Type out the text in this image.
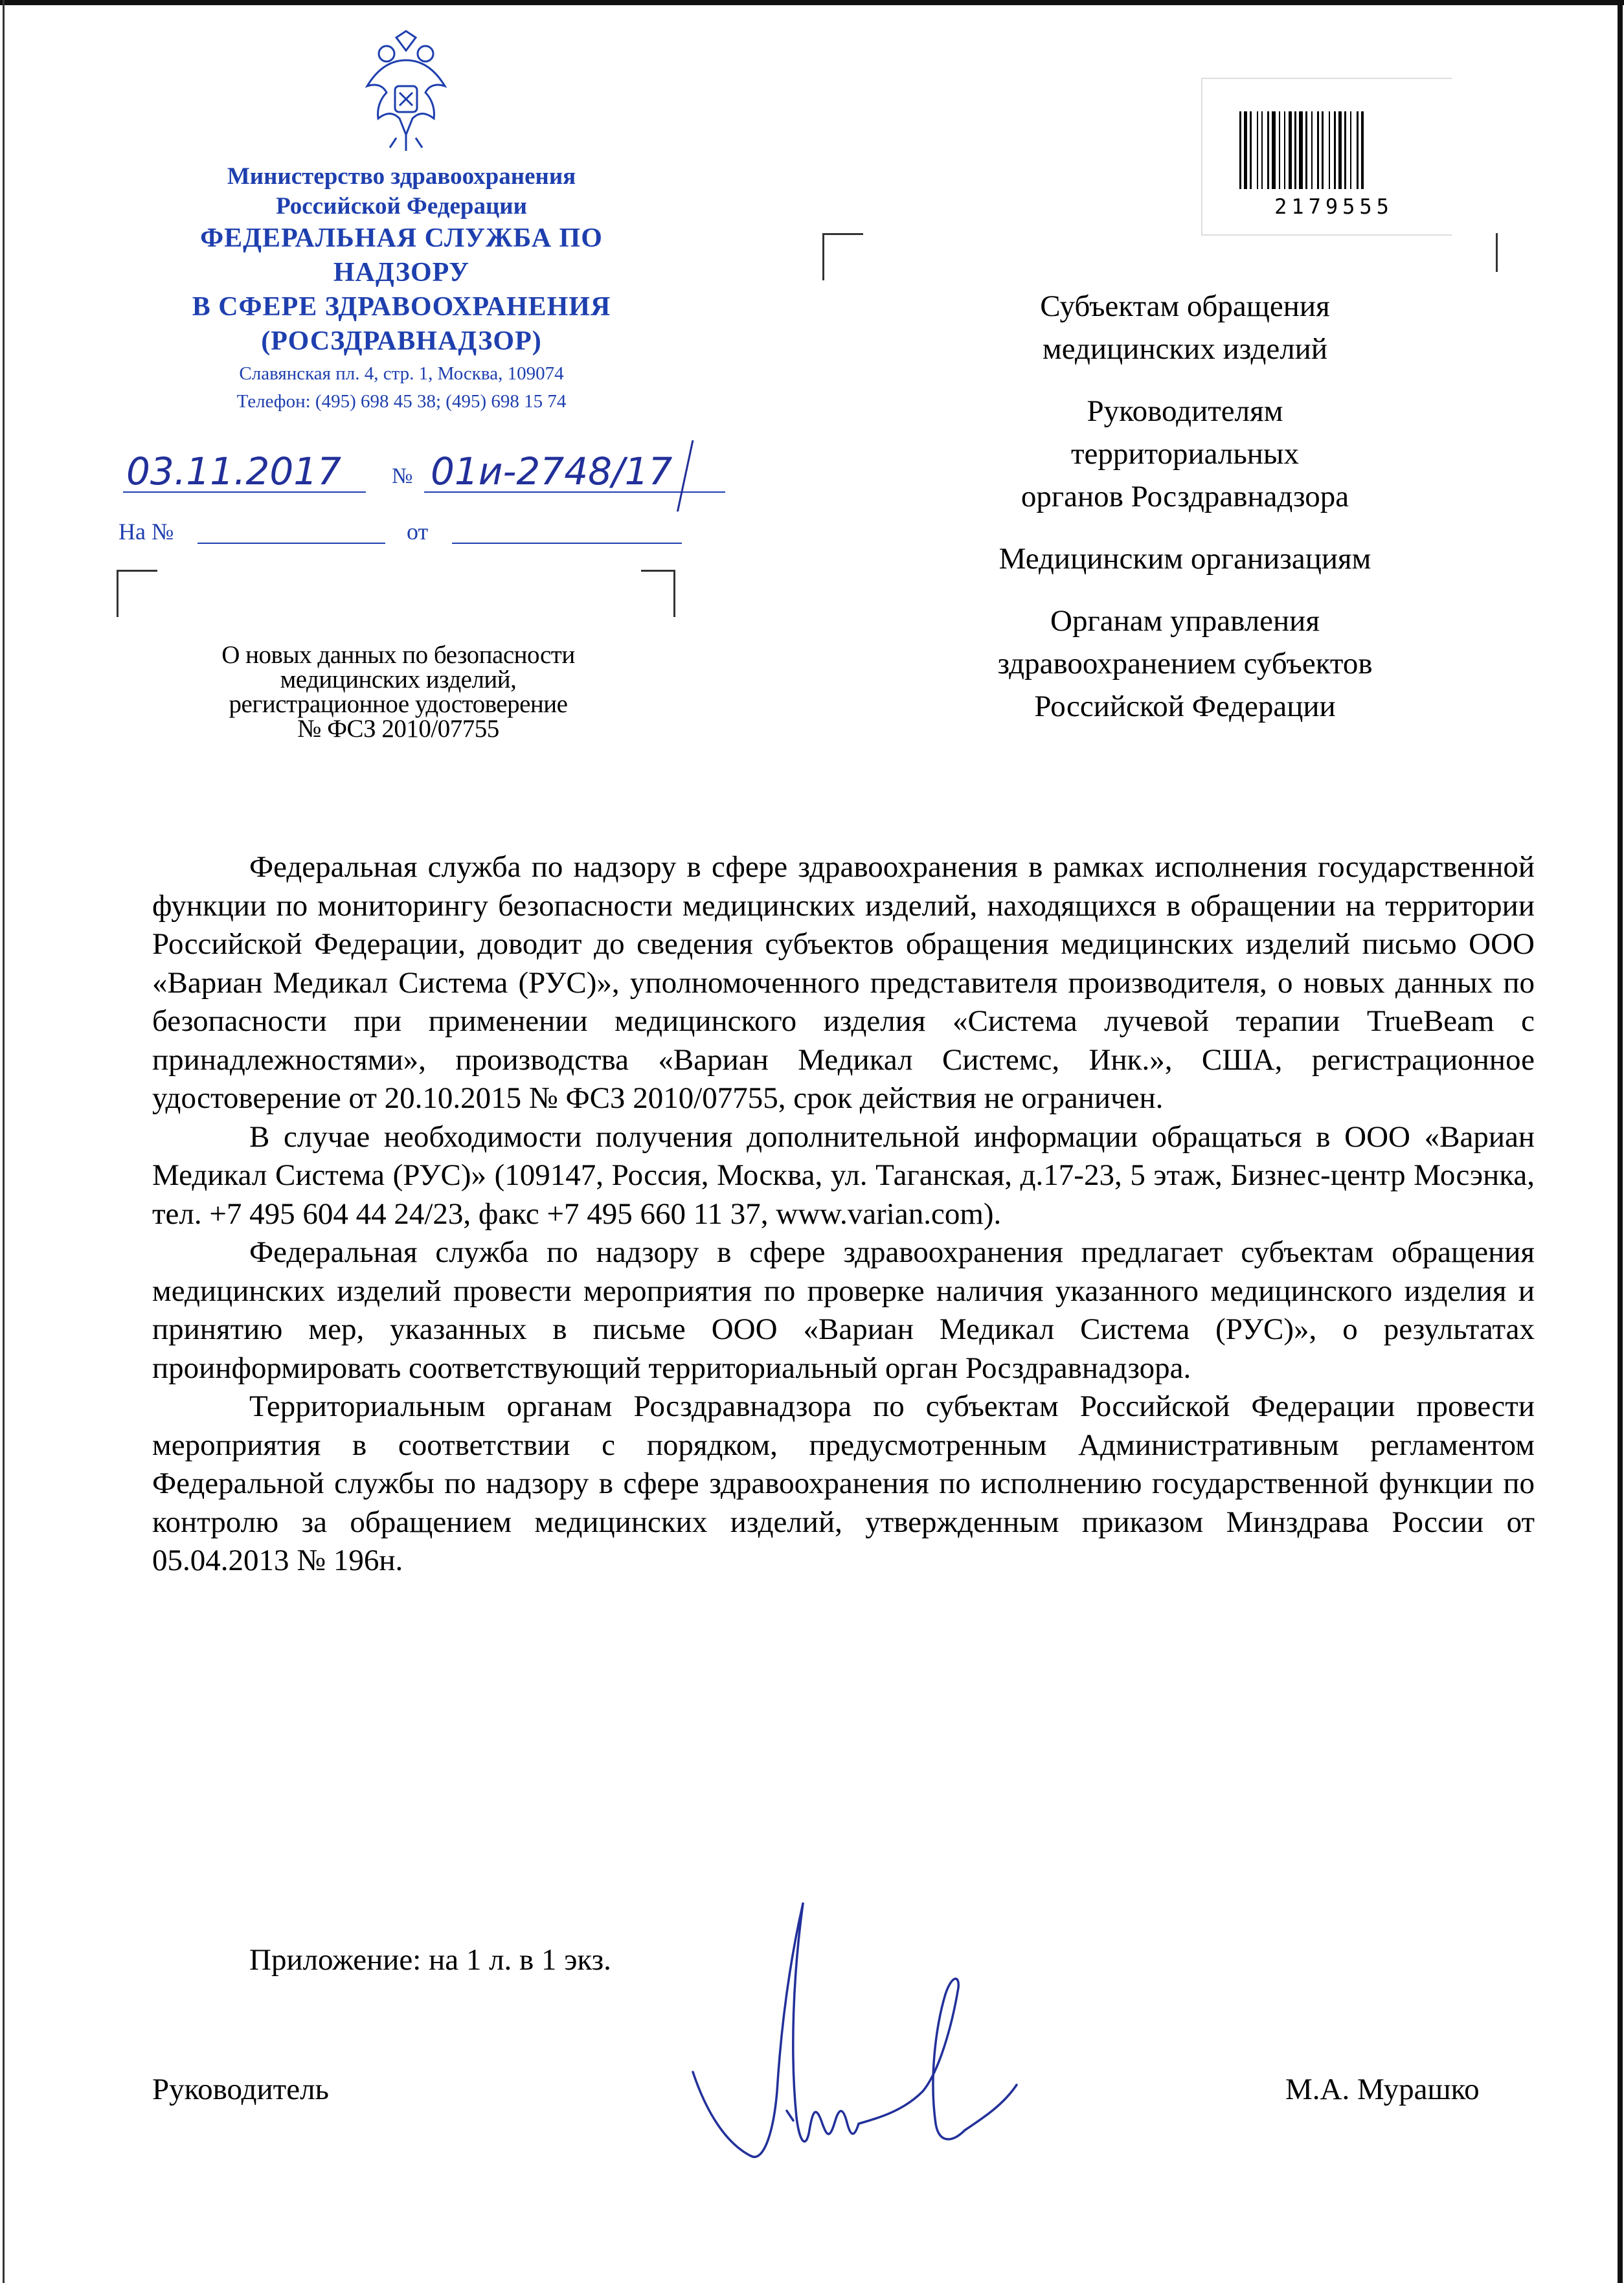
Министерство здравоохранения
Российской Федерации
ФЕДЕРАЛЬНАЯ СЛУЖБА ПО НАДЗОРУ
В СФЕРЕ ЗДРАВООХРАНЕНИЯ
(РОСЗДРАВНАДЗОР)
Славянская пл. 4, стр. 1, Москва, 109074
Телефон: (495) 698 45 38; (495) 698 15 74
03.11.2017 № 01и-2748/17
На №	от
О новых данных по безопасности
медицинских изделий,
регистрационное удостоверение
№ ФСЗ 2010/07755
2179555
Субъектам обращения
медицинских изделий
Руководителям
территориальных
органов Росздравнадзора
Медицинским организациям
Органам управления
здравоохранением субъектов
Российской Федерации

Федеральная служба по надзору в сфере здравоохранения в рамках исполнения государственной функции по мониторингу безопасности медицинских изделий, находящихся в обращении на территории Российской Федерации, доводит до сведения субъектов обращения медицинских изделий письмо ООО «Вариан Медикал Система (РУС)», уполномоченного представителя производителя, о новых данных по безопасности при применении медицинского изделия «Система лучевой терапии TrueBeam с принадлежностями», производства «Вариан Медикал Системс, Инк.», США, регистрационное удостоверение от 20.10.2015 № ФСЗ 2010/07755, срок действия не ограничен.

В случае необходимости получения дополнительной информации обращаться в ООО «Вариан Медикал Система (РУС)» (109147, Россия, Москва, ул. Таганская, д.17-23, 5 этаж, Бизнес-центр Мосэнка, тел. +7 495 604 44 24/23, факс +7 495 660 11 37, www.varian.com).

Федеральная служба по надзору в сфере здравоохранения предлагает субъектам обращения медицинских изделий провести мероприятия по проверке наличия указанного медицинского изделия и принятию мер, указанных в письме ООО «Вариан Медикал Система (РУС)», о результатах проинформировать соответствующий территориальный орган Росздравнадзора.

Территориальным органам Росздравнадзора по субъектам Российской Федерации провести мероприятия в соответствии с порядком, предусмотренным Административным регламентом Федеральной службы по надзору в сфере здравоохранения по исполнению государственной функции по контролю за обращением медицинских изделий, утвержденным приказом Минздрава России от 05.04.2013 № 196н.

Приложение: на 1 л. в 1 экз.
Руководитель	М.А. Мурашко
